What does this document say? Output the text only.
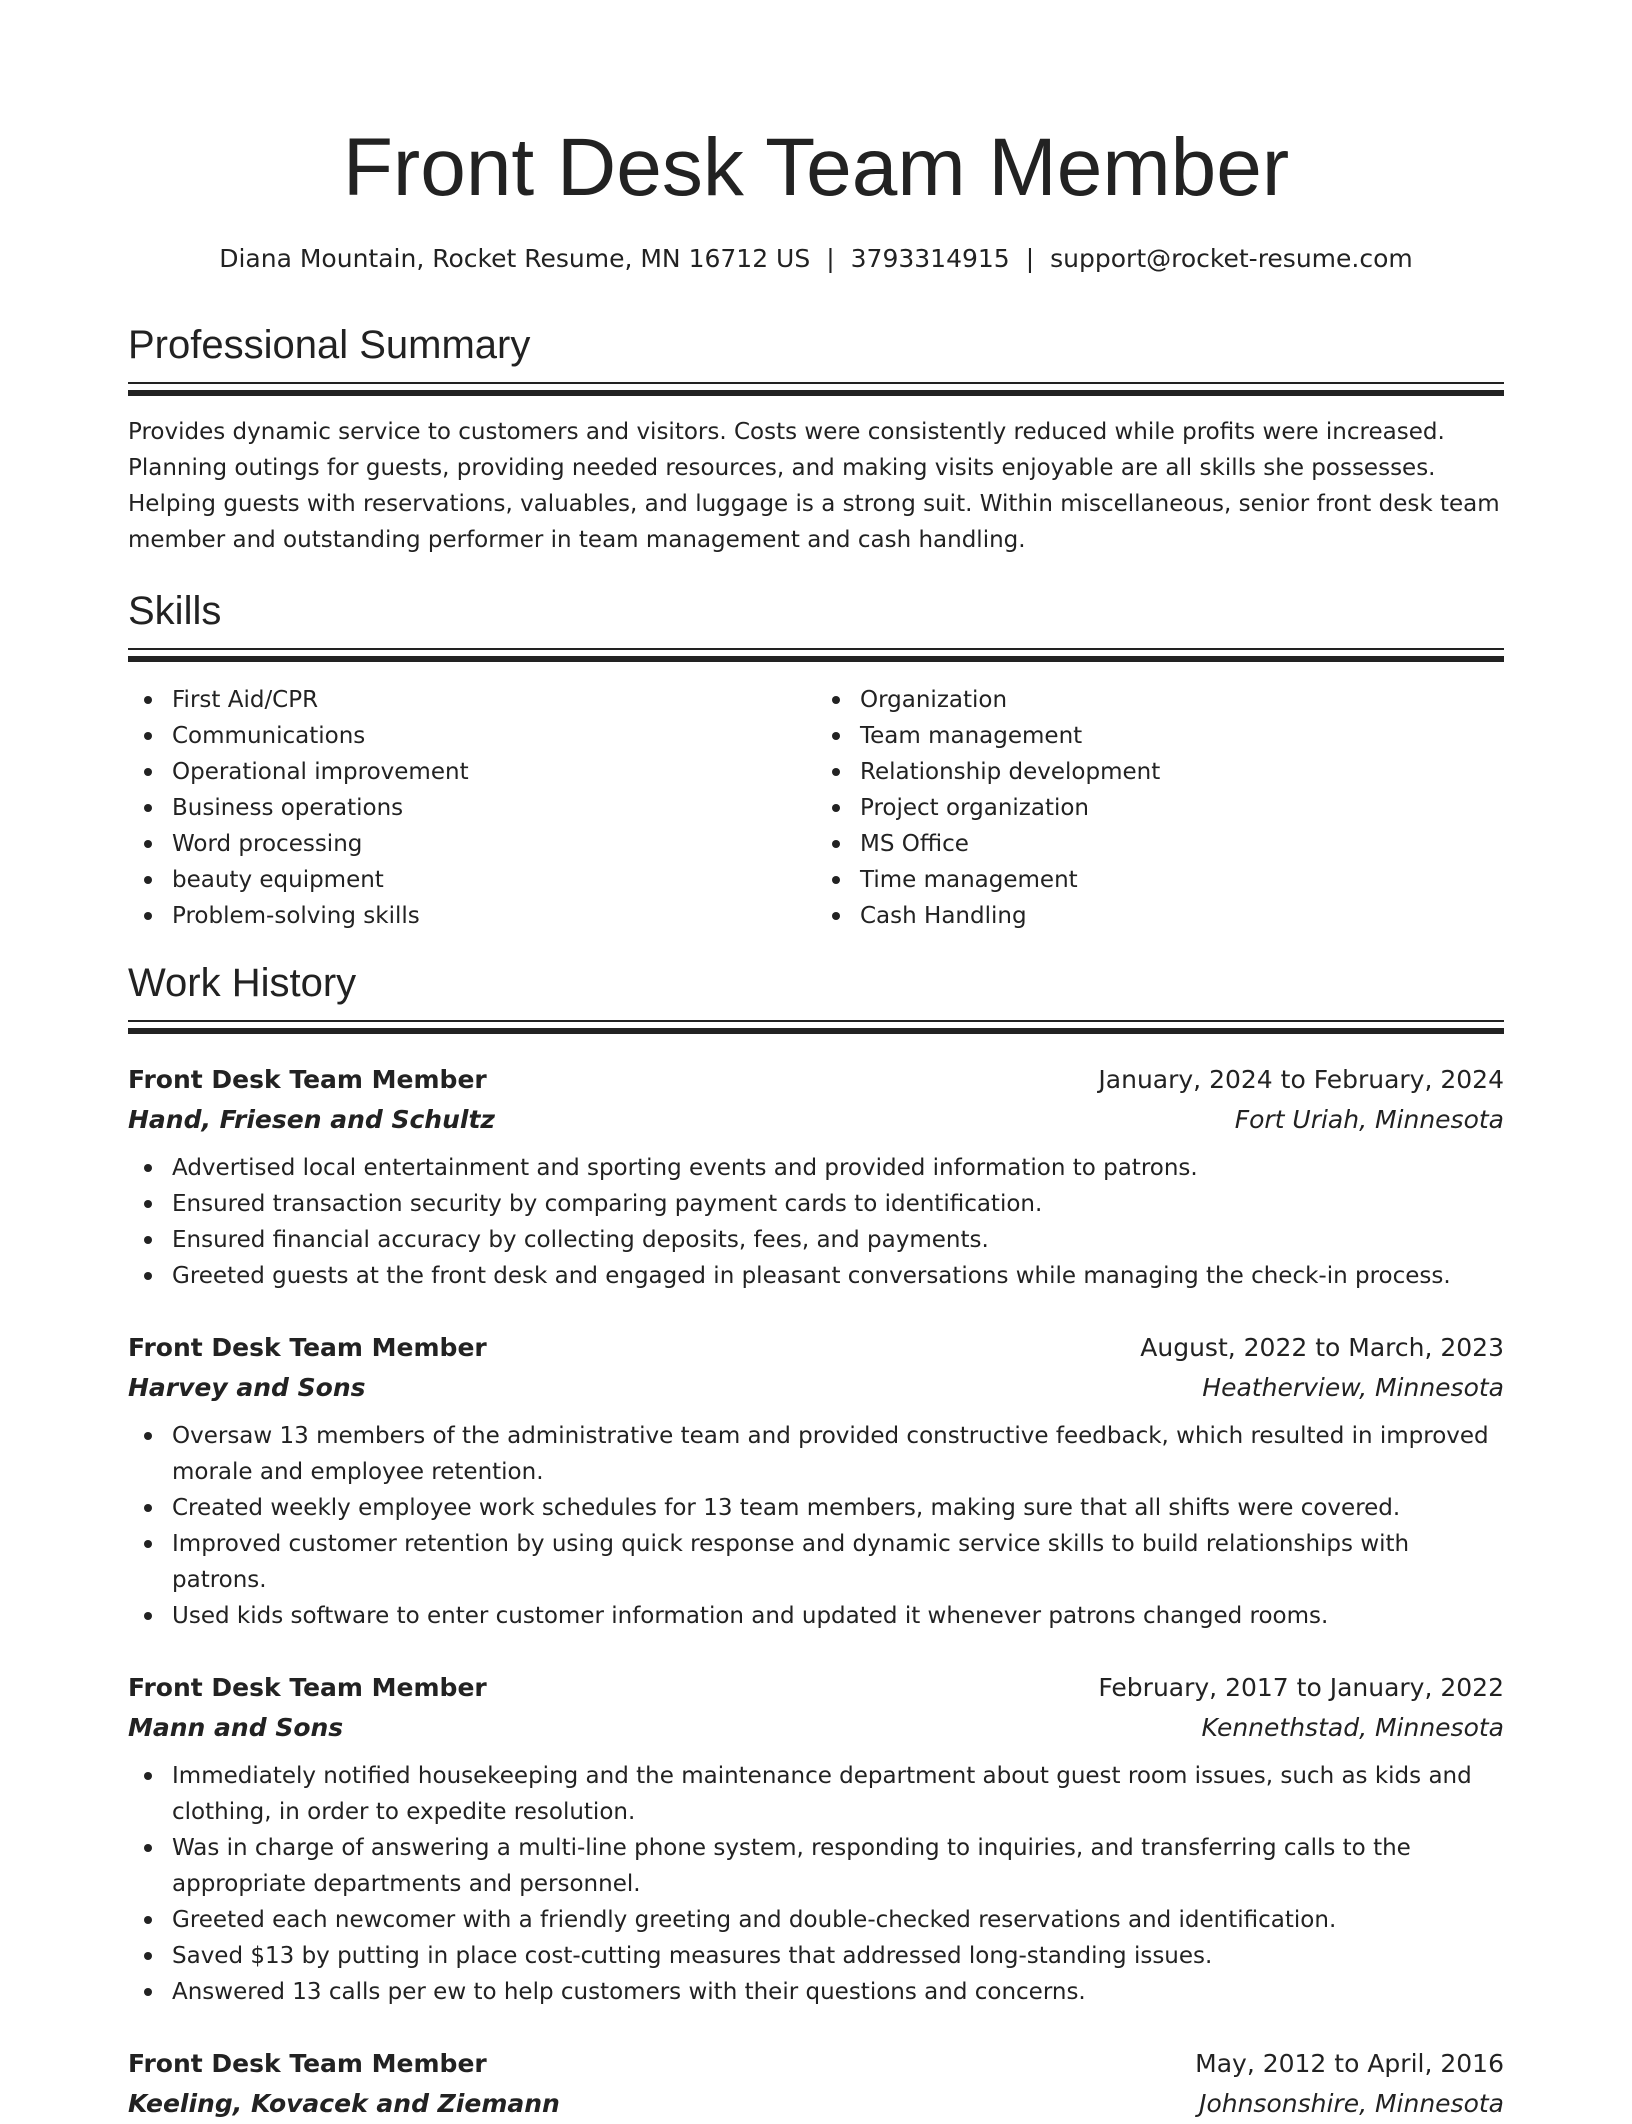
Front Desk Team Member
Diana Mountain, Rocket Resume, MN 16712 US | 3793314915 | support@rocket-resume.com
Professional Summary

Provides dynamic service to customers and visitors. Costs were consistently reduced while profits were increased. Planning outings for guests, providing needed resources, and making visits enjoyable are all skills she possesses. Helping guests with reservations, valuables, and luggage is a strong suit. Within miscellaneous, senior front desk team member and outstanding performer in team management and cash handling.

Skills
First Aid/CPR
Communications
Operational improvement
Business operations
Word processing
beauty equipment
Problem-solving skills
Organization
Team management
Relationship development
Project organization
MS Office
Time management
Cash Handling
Work History
Front Desk Team Member	January, 2024 to February, 2024
Hand, Friesen and Schultz	Fort Uriah, Minnesota
Advertised local entertainment and sporting events and provided information to patrons.
Ensured transaction security by comparing payment cards to identification.
Ensured financial accuracy by collecting deposits, fees, and payments.
Greeted guests at the front desk and engaged in pleasant conversations while managing the check-in process.
Front Desk Team Member	August, 2022 to March, 2023
Harvey and Sons	Heatherview, Minnesota
Oversaw 13 members of the administrative team and provided constructive feedback, which resulted in improved morale and employee retention.
Created weekly employee work schedules for 13 team members, making sure that all shifts were covered.
Improved customer retention by using quick response and dynamic service skills to build relationships with patrons.
Used kids software to enter customer information and updated it whenever patrons changed rooms.
Front Desk Team Member	February, 2017 to January, 2022
Mann and Sons	Kennethstad, Minnesota
Immediately notified housekeeping and the maintenance department about guest room issues, such as kids and clothing, in order to expedite resolution.
Was in charge of answering a multi-line phone system, responding to inquiries, and transferring calls to the appropriate departments and personnel.
Greeted each newcomer with a friendly greeting and double-checked reservations and identification.
Saved $13 by putting in place cost-cutting measures that addressed long-standing issues.
Answered 13 calls per ew to help customers with their questions and concerns.
Front Desk Team Member	May, 2012 to April, 2016
Keeling, Kovacek and Ziemann	Johnsonshire, Minnesota
